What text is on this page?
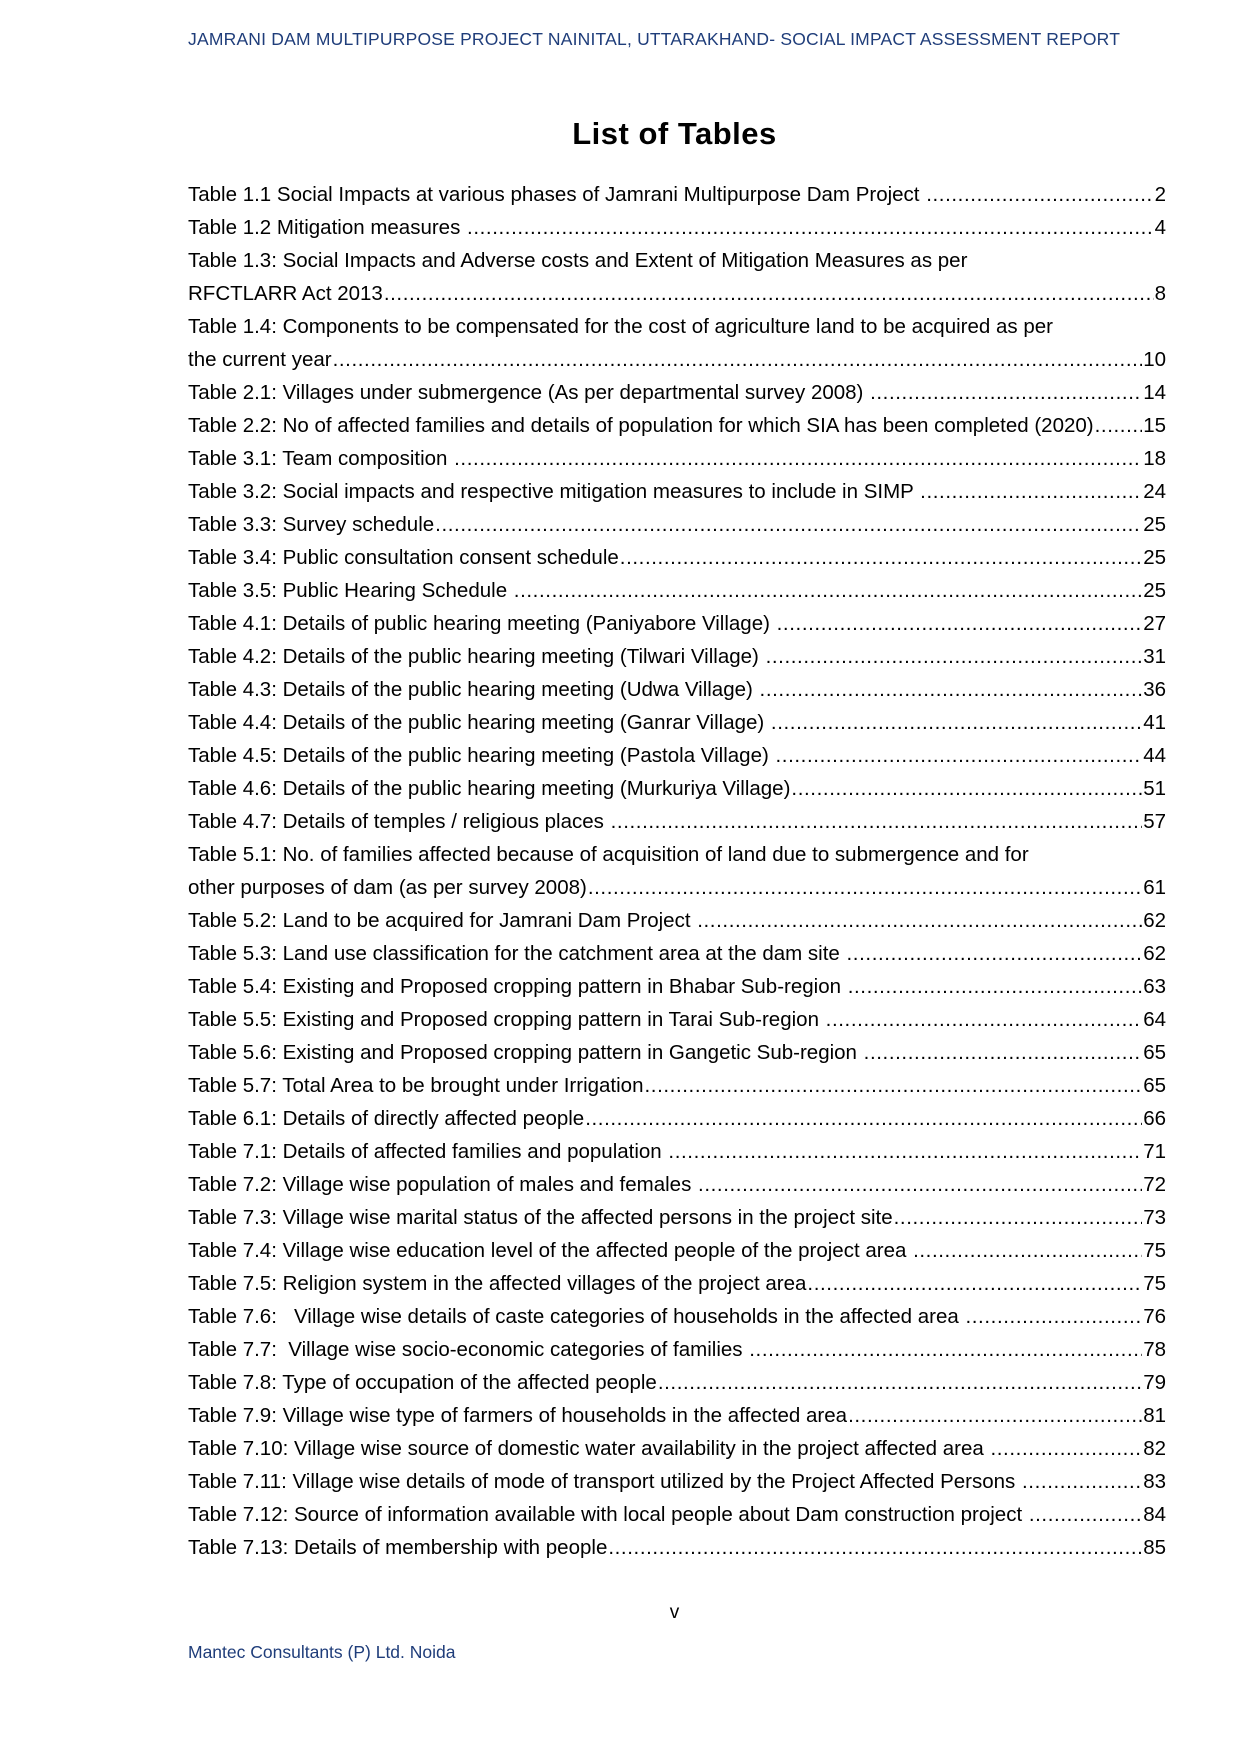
JAMRANI DAM MULTIPURPOSE PROJECT NAINITAL, UTTARAKHAND- SOCIAL IMPACT ASSESSMENT REPORT
List of Tables
Table 1.1 Social Impacts at various phases of Jamrani Multipurpose Dam Project .....	2
Table 1.2 Mitigation measures .....	4
Table 1.3: Social Impacts and Adverse costs and Extent of Mitigation Measures as per
RFCTLARR Act 2013 .....	8
Table 1.4: Components to be compensated for the cost of agriculture land to be acquired as per
the current year .....	10
Table 2.1: Villages under submergence (As per departmental survey 2008) .....	14
Table 2.2: No of affected families and details of population for which SIA has been completed (2020) ..... 15
Table 3.1: Team composition .....	18
Table 3.2: Social impacts and respective mitigation measures to include in SIMP .....	24
Table 3.3: Survey schedule .....	25
Table 3.4: Public consultation consent schedule .....	25
Table 3.5: Public Hearing Schedule .....	25
Table 4.1: Details of public hearing meeting (Paniyabore Village) .....	27
Table 4.2: Details of the public hearing meeting (Tilwari Village) .....	31
Table 4.3: Details of the public hearing meeting (Udwa Village) .....	36
Table 4.4: Details of the public hearing meeting (Ganrar Village) .....	41
Table 4.5: Details of the public hearing meeting (Pastola Village) .....	44
Table 4.6: Details of the public hearing meeting (Murkuriya Village) .....	51
Table 4.7: Details of temples / religious places .....	57
Table 5.1: No. of families affected because of acquisition of land due to submergence and for
other purposes of dam (as per survey 2008) .....	61
Table 5.2: Land to be acquired for Jamrani Dam Project .....	62
Table 5.3: Land use classification for the catchment area at the dam site .....	62
Table 5.4: Existing and Proposed cropping pattern in Bhabar Sub-region .....	63
Table 5.5: Existing and Proposed cropping pattern in Tarai Sub-region .....	64
Table 5.6: Existing and Proposed cropping pattern in Gangetic Sub-region .....	65
Table 5.7: Total Area to be brought under Irrigation .....	65
Table 6.1: Details of directly affected people .....	66
Table 7.1: Details of affected families and population .....	71
Table 7.2: Village wise population of males and females .....	72
Table 7.3: Village wise marital status of the affected persons in the project site .....	73
Table 7.4: Village wise education level of the affected people of the project area .....	75
Table 7.5: Religion system in the affected villages of the project area .....	75
Table 7.6:   Village wise details of caste categories of households in the affected area .....	76
Table 7.7:  Village wise socio-economic categories of families .....	78
Table 7.8: Type of occupation of the affected people .....	79
Table 7.9: Village wise type of farmers of households in the affected area .....	81
Table 7.10: Village wise source of domestic water availability in the project affected area .....	82
Table 7.11: Village wise details of mode of transport utilized by the Project Affected Persons .....	83
Table 7.12: Source of information available with local people about Dam construction project .....	84
Table 7.13: Details of membership with people .....	85
v
Mantec Consultants (P) Ltd. Noida
